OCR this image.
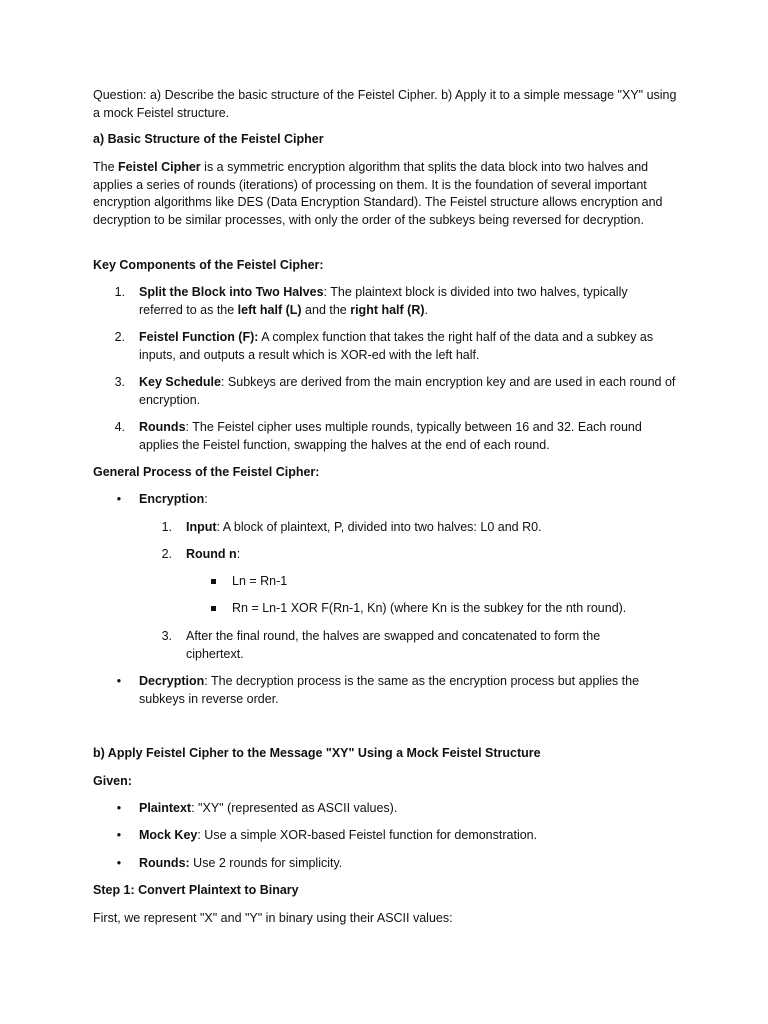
Question: a) Describe the basic structure of the Feistel Cipher. b) Apply it to a simple message "XY" using a mock Feistel structure.

a) Basic Structure of the Feistel Cipher

The Feistel Cipher is a symmetric encryption algorithm that splits the data block into two halves and applies a series of rounds (iterations) of processing on them. It is the foundation of several important encryption algorithms like DES (Data Encryption Standard). The Feistel structure allows encryption and decryption to be similar processes, with only the order of the subkeys being reversed for decryption.

Key Components of the Feistel Cipher:

1. Split the Block into Two Halves: The plaintext block is divided into two halves, typically referred to as the left half (L) and the right half (R).
2. Feistel Function (F): A complex function that takes the right half of the data and a subkey as inputs, and outputs a result which is XOR-ed with the left half.
3. Key Schedule: Subkeys are derived from the main encryption key and are used in each round of encryption.
4. Rounds: The Feistel cipher uses multiple rounds, typically between 16 and 32. Each round applies the Feistel function, swapping the halves at the end of each round.

General Process of the Feistel Cipher:

•	Encryption:
1. Input: A block of plaintext, P, divided into two halves: L0 and R0.
2. Round n:
Ln = Rn-1
Rn = Ln-1 XOR F(Rn-1, Kn) (where Kn is the subkey for the nth round).
3. After the final round, the halves are swapped and concatenated to form the ciphertext.
•	Decryption: The decryption process is the same as the encryption process but applies the subkeys in reverse order.

b) Apply Feistel Cipher to the Message "XY" Using a Mock Feistel Structure

Given:

•	Plaintext: "XY" (represented as ASCII values).
•	Mock Key: Use a simple XOR-based Feistel function for demonstration.
•	Rounds: Use 2 rounds for simplicity.

Step 1: Convert Plaintext to Binary

First, we represent "X" and "Y" in binary using their ASCII values:
